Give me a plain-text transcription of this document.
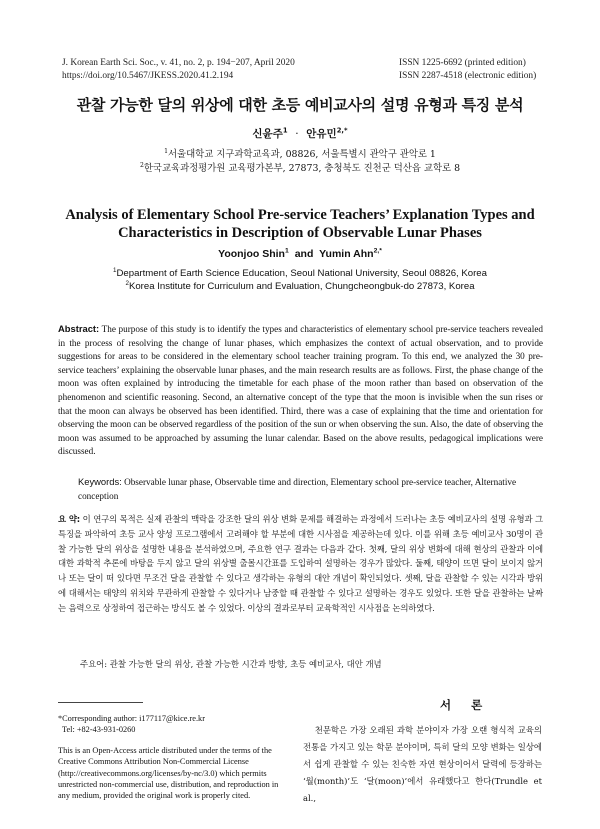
J. Korean Earth Sci. Soc., v. 41, no. 2, p. 194−207, April 2020
https://doi.org/10.5467/JKESS.2020.41.2.194
ISSN 1225-6692 (printed edition)
ISSN 2287-4518 (electronic edition)
관찰 가능한 달의 위상에 대한 초등 예비교사의 설명 유형과 특징 분석
신윤주$^1$ · 안유민$^{2,*}$
$^1$서울대학교 지구과학교육과, 08826, 서울특별시 관악구 관악로 1
$^2$한국교육과정평가원 교육평가본부, 27873, 충청북도 진천군 덕산읍 교학로 8
Analysis of Elementary School Pre-service Teachers’ Explanation Types and
Characteristics in Description of Observable Lunar Phases
Yoonjoo Shin$^1$ and Yumin Ahn$^{2,*}$
$^1$Department of Earth Science Education, Seoul National University, Seoul 08826, Korea
$^2$Korea Institute for Curriculum and Evaluation, Chungcheongbuk-do 27873, Korea
Abstract: The purpose of this study is to identify the types and characteristics of elementary school pre-service teachers revealed in the process of resolving the change of lunar phases, which emphasizes the context of actual observation, and to provide suggestions for areas to be considered in the elementary school teacher training program. To this end, we analyzed the 30 pre-service teachers’ explaining the observable lunar phases, and the main research results are as follows. First, the phase change of the moon was often explained by introducing the timetable for each phase of the moon rather than based on observation of the phenomenon and scientific reasoning. Second, an alternative concept of the type that the moon is invisible when the sun rises or that the moon can always be observed has been identified. Third, there was a case of explaining that the time and orientation for observing the moon can be observed regardless of the position of the sun or when observing the sun. Also, the date of observing the moon was assumed to be approached by assuming the lunar calendar. Based on the above results, pedagogical implications were discussed.
Keywords: Observable lunar phase, Observable time and direction, Elementary school pre-service teacher, Alternative conception
요 약: 이 연구의 목적은 실제 관찰의 맥락을 강조한 달의 위상 변화 문제를 해결하는 과정에서 드러나는 초등 예비교사의 설명 유형과 그 특징을 파악하여 초등 교사 양성 프로그램에서 고려해야 할 부분에 대한 시사점을 제공하는데 있다. 이를 위해 초등 예비교사 30명이 관찰 가능한 달의 위상을 설명한 내용을 분석하였으며, 주요한 연구 결과는 다음과 같다. 첫째, 달의 위상 변화에 대해 현상의 관찰과 이에 대한 과학적 추론에 바탕을 두지 않고 달의 위상별 출몰시간표를 도입하여 설명하는 경우가 많았다. 둘째, 태양이 뜨면 달이 보이지 않거나 또는 달이 떠 있다면 무조건 달을 관찰할 수 있다고 생각하는 유형의 대안 개념이 확인되었다. 셋째, 달을 관찰할 수 있는 시각과 방위에 대해서는 태양의 위치와 무관하게 관찰할 수 있다거나 남중할 때 관찰할 수 있다고 설명하는 경우도 있었다. 또한 달을 관찰하는 날짜는 음력으로 상정하여 접근하는 방식도 볼 수 있었다. 이상의 결과로부터 교육학적인 시사점을 논의하였다.
주요어: 관찰 가능한 달의 위상, 관찰 가능한 시간과 방향, 초등 예비교사, 대안 개념
*Corresponding author: i177117@kice.re.kr
Tel: +82-43-931-0260
This is an Open-Access article distributed under the terms of the Creative Commons Attribution Non-Commercial License (http://creativecommons.org/licenses/by-nc/3.0) which permits unrestricted non-commercial use, distribution, and reproduction in any medium, provided the original work is properly cited.
서 론
천문학은 가장 오래된 과학 분야이자 가장 오랜 형식적 교육의 전통을 가지고 있는 학문 분야이며, 특히 달의 모양 변화는 일상에서 쉽게 관찰할 수 있는 친숙한 자연 현상이어서 달력에 등장하는 ‘월(month)’도 ‘달(moon)’에서 유래했다고 한다(Trundle et al.,
